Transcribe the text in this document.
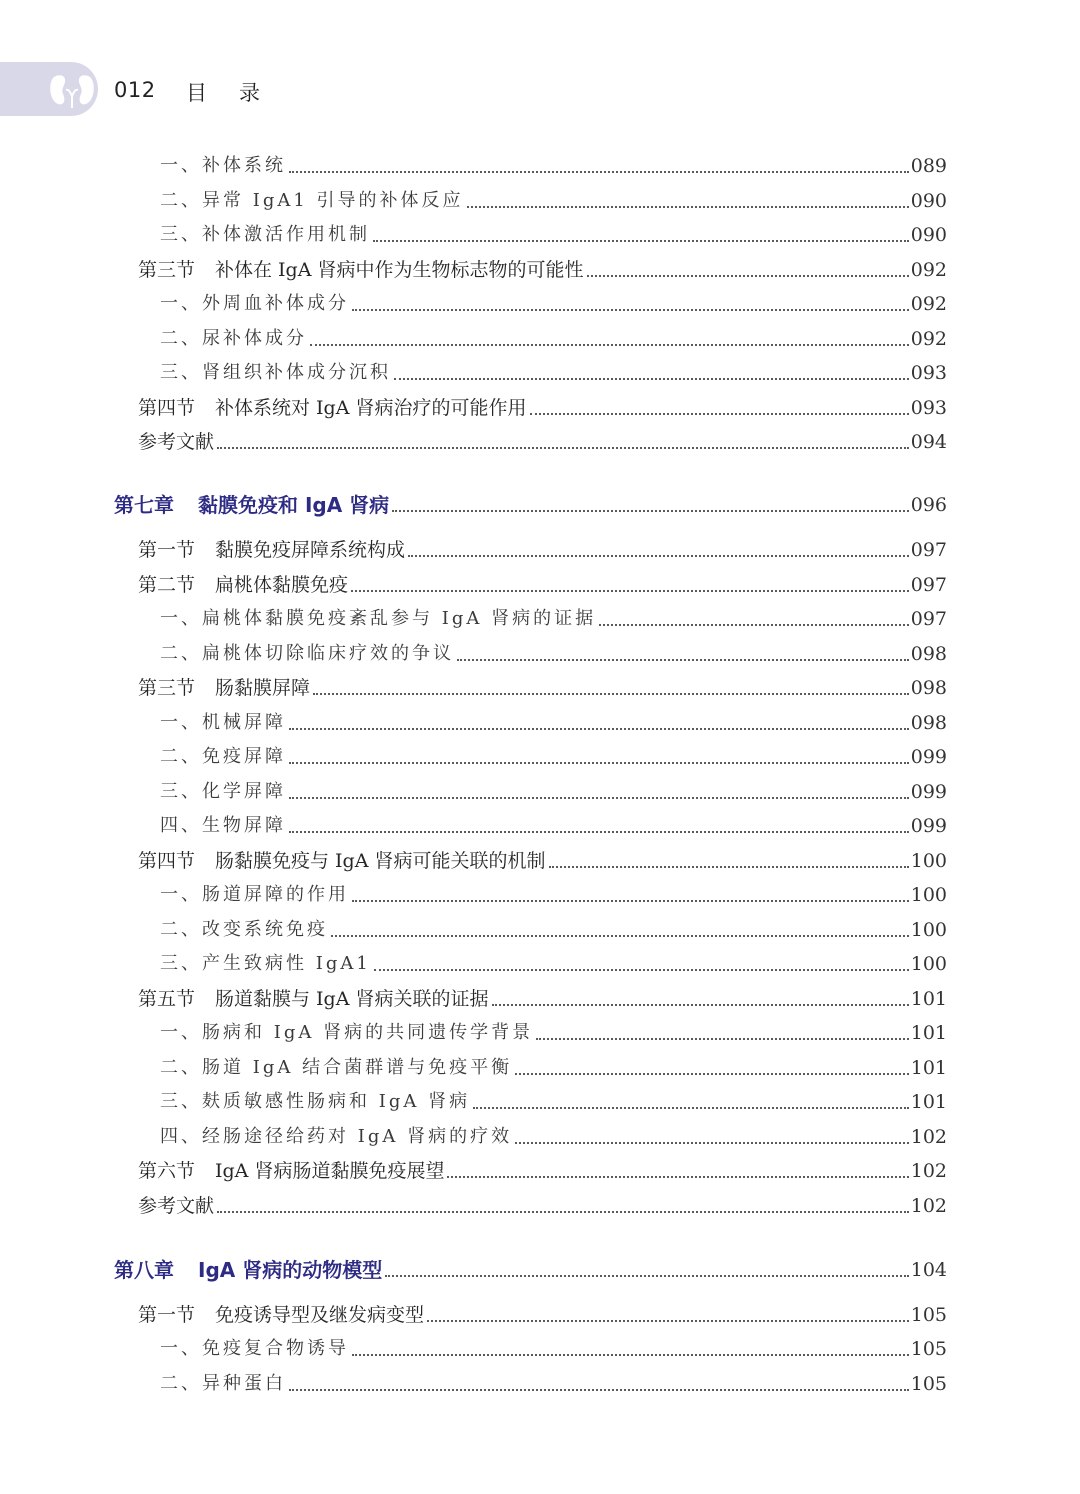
012 目录
一、补体系统	089
二、异常 IgA1 引导的补体反应	090
三、补体激活作用机制	090
第三节 补体在 IgA 肾病中作为生物标志物的可能性	092
一、外周血补体成分	092
二、尿补体成分	092
三、肾组织补体成分沉积	093
第四节 补体系统对 IgA 肾病治疗的可能作用	093
参考文献	094
第七章 黏膜免疫和 IgA 肾病	096
第一节 黏膜免疫屏障系统构成	097
第二节 扁桃体黏膜免疫	097
一、扁桃体黏膜免疫紊乱参与 IgA 肾病的证据	097
二、扁桃体切除临床疗效的争议	098
第三节 肠黏膜屏障	098
一、机械屏障	098
二、免疫屏障	099
三、化学屏障	099
四、生物屏障	099
第四节 肠黏膜免疫与 IgA 肾病可能关联的机制	100
一、肠道屏障的作用	100
二、改变系统免疫	100
三、产生致病性 IgA1	100
第五节 肠道黏膜与 IgA 肾病关联的证据	101
一、肠病和 IgA 肾病的共同遗传学背景	101
二、肠道 IgA 结合菌群谱与免疫平衡	101
三、麸质敏感性肠病和 IgA 肾病	101
四、经肠途径给药对 IgA 肾病的疗效	102
第六节 IgA 肾病肠道黏膜免疫展望	102
参考文献	102
第八章 IgA 肾病的动物模型	104
第一节 免疫诱导型及继发病变型	105
一、免疫复合物诱导	105
二、异种蛋白	105
